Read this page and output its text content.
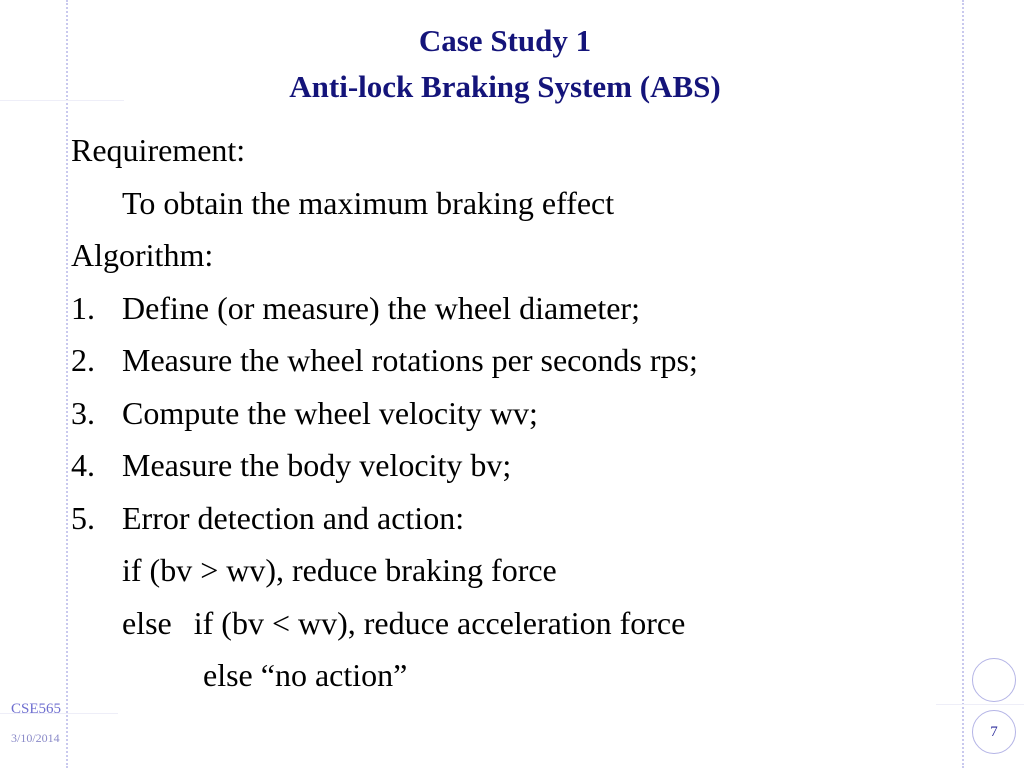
7
Case Study 1
Anti-lock Braking System (ABS)
Requirement:
To obtain the maximum braking effect
Algorithm:
1. Define (or measure) the wheel diameter;
2. Measure the wheel rotations per seconds rps;
3. Compute the wheel velocity wv;
4. Measure the body velocity bv;
5. Error detection and action:
if (bv > wv), reduce braking force
else if (bv < wv), reduce acceleration force
else “no action”
CSE565
3/10/2014
